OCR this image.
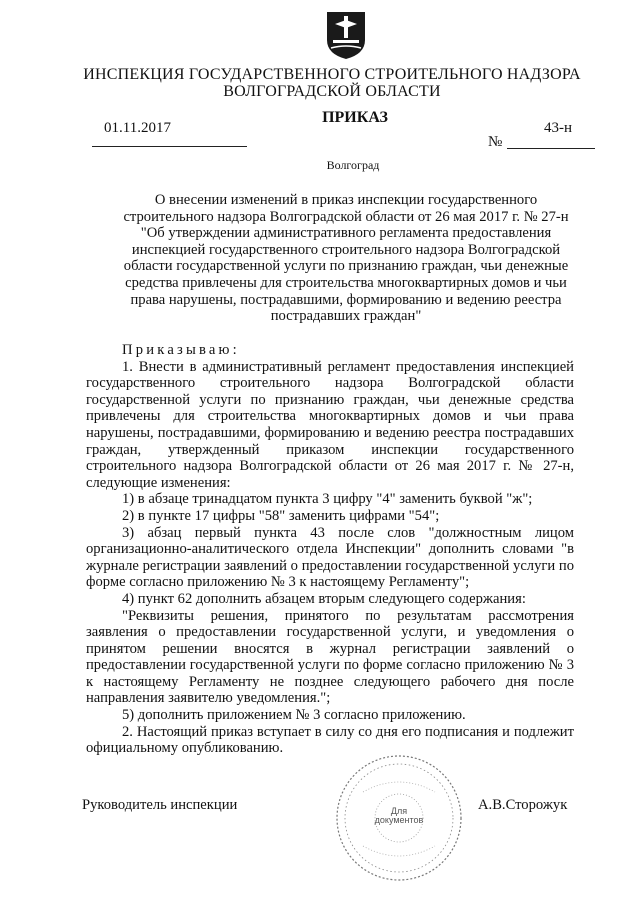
ИНСПЕКЦИЯ ГОСУДАРСТВЕННОГО СТРОИТЕЛЬНОГО НАДЗОРА
ВОЛГОГРАДСКОЙ ОБЛАСТИ
ПРИКАЗ
01.11.2017	43-н
№
Волгоград
О внесении изменений в приказ инспекции государственного
строительного надзора Волгоградской области от 26 мая 2017 г. № 27-н
"Об утверждении административного регламента предоставления
инспекцией государственного строительного надзора Волгоградской
области государственной услуги по признанию граждан, чьи денежные
средства привлечены для строительства многоквартирных домов и чьи
права нарушены, пострадавшими, формированию и ведению реестра
пострадавших граждан"

Приказываю:

1. Внести в административный регламент предоставления инспекцией государственного строительного надзора Волгоградской области государственной услуги по признанию граждан, чьи денежные средства привлечены для строительства многоквартирных домов и чьи права нарушены, пострадавшими, формированию и ведению реестра пострадавших граждан, утвержденный приказом инспекции государственного строительного надзора Волгоградской области от 26 мая 2017 г. № 27-н, следующие изменения:

1) в абзаце тринадцатом пункта 3 цифру "4" заменить буквой "ж";

2) в пункте 17 цифры "58" заменить цифрами "54";

3) абзац первый пункта 43 после слов "должностным лицом организационно-аналитического отдела Инспекции" дополнить словами "в журнале регистрации заявлений о предоставлении государственной услуги по форме согласно приложению № 3 к настоящему Регламенту";

4) пункт 62 дополнить абзацем вторым следующего содержания:

"Реквизиты решения, принятого по результатам рассмотрения заявления о предоставлении государственной услуги, и уведомления о принятом решении вносятся в журнал регистрации заявлений о предоставлении государственной услуги по форме согласно приложению № 3 к настоящему Регламенту не позднее следующего рабочего дня после направления заявителю уведомления.";

5) дополнить приложением № 3 согласно приложению.

2. Настоящий приказ вступает в силу со дня его подписания и подлежит официальному опубликованию.

Для
документов
Руководитель инспекции	А.В.Сторожук
